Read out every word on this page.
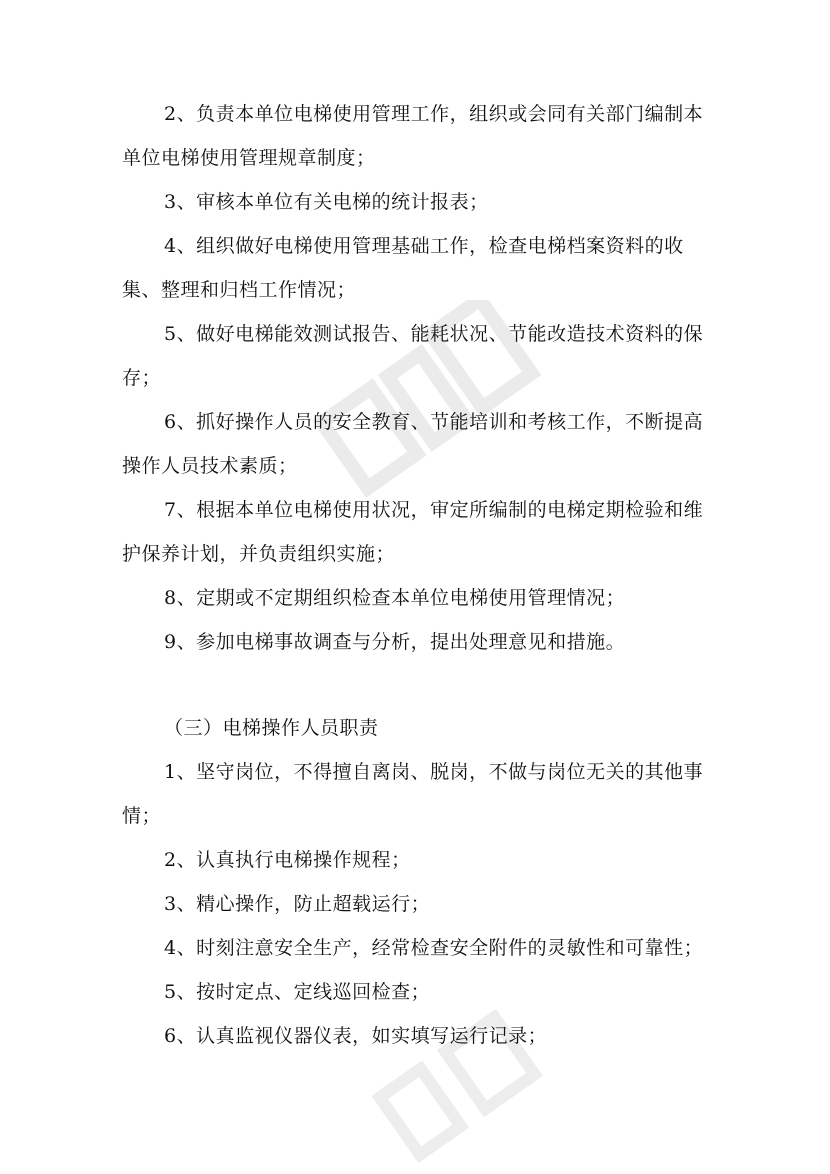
2、负责本单位电梯使用管理工作，组织或会同有关部门编制本单位电梯使用管理规章制度；

3、审核本单位有关电梯的统计报表；

4、组织做好电梯使用管理基础工作，检查电梯档案资料的收集、整理和归档工作情况；

5、做好电梯能效测试报告、能耗状况、节能改造技术资料的保存；

6、抓好操作人员的安全教育、节能培训和考核工作，不断提高操作人员技术素质；

7、根据本单位电梯使用状况，审定所编制的电梯定期检验和维护保养计划，并负责组织实施；

8、定期或不定期组织检查本单位电梯使用管理情况；

9、参加电梯事故调查与分析，提出处理意见和措施。

（三）电梯操作人员职责

1、坚守岗位，不得擅自离岗、脱岗，不做与岗位无关的其他事情；

2、认真执行电梯操作规程；

3、精心操作，防止超载运行；

4、时刻注意安全生产，经常检查安全附件的灵敏性和可靠性；

5、按时定点、定线巡回检查；

6、认真监视仪器仪表，如实填写运行记录；
